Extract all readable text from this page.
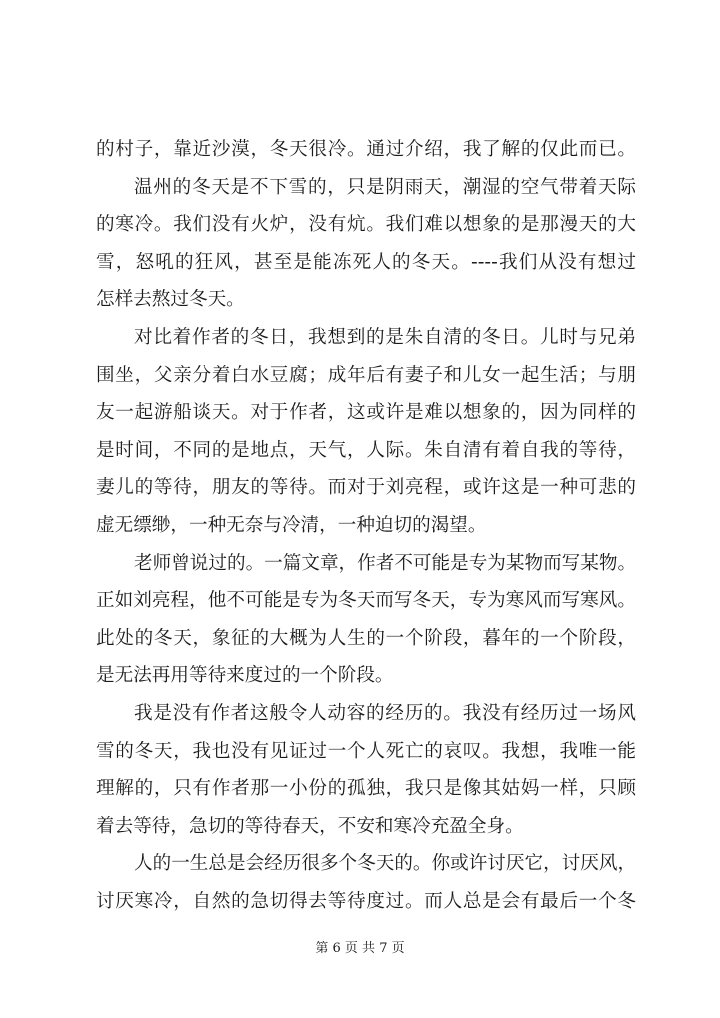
的村子，靠近沙漠，冬天很冷。通过介绍，我了解的仅此而已。
温州的冬天是不下雪的，只是阴雨天，潮湿的空气带着天际
的寒冷。我们没有火炉，没有炕。我们难以想象的是那漫天的大
雪，怒吼的狂风，甚至是能冻死人的冬天。----我们从没有想过
怎样去熬过冬天。
对比着作者的冬日，我想到的是朱自清的冬日。儿时与兄弟
围坐，父亲分着白水豆腐；成年后有妻子和儿女一起生活；与朋
友一起游船谈天。对于作者，这或许是难以想象的，因为同样的
是时间，不同的是地点，天气，人际。朱自清有着自我的等待，
妻儿的等待，朋友的等待。而对于刘亮程，或许这是一种可悲的
虚无缥缈，一种无奈与冷清，一种迫切的渴望。
老师曾说过的。一篇文章，作者不可能是专为某物而写某物。
正如刘亮程，他不可能是专为冬天而写冬天，专为寒风而写寒风。
此处的冬天，象征的大概为人生的一个阶段，暮年的一个阶段，
是无法再用等待来度过的一个阶段。
我是没有作者这般令人动容的经历的。我没有经历过一场风
雪的冬天，我也没有见证过一个人死亡的哀叹。我想，我唯一能
理解的，只有作者那一小份的孤独，我只是像其姑妈一样，只顾
着去等待，急切的等待春天，不安和寒冷充盈全身。
人的一生总是会经历很多个冬天的。你或许讨厌它，讨厌风，
讨厌寒冷，自然的急切得去等待度过。而人总是会有最后一个冬
第 6 页 共 7 页
